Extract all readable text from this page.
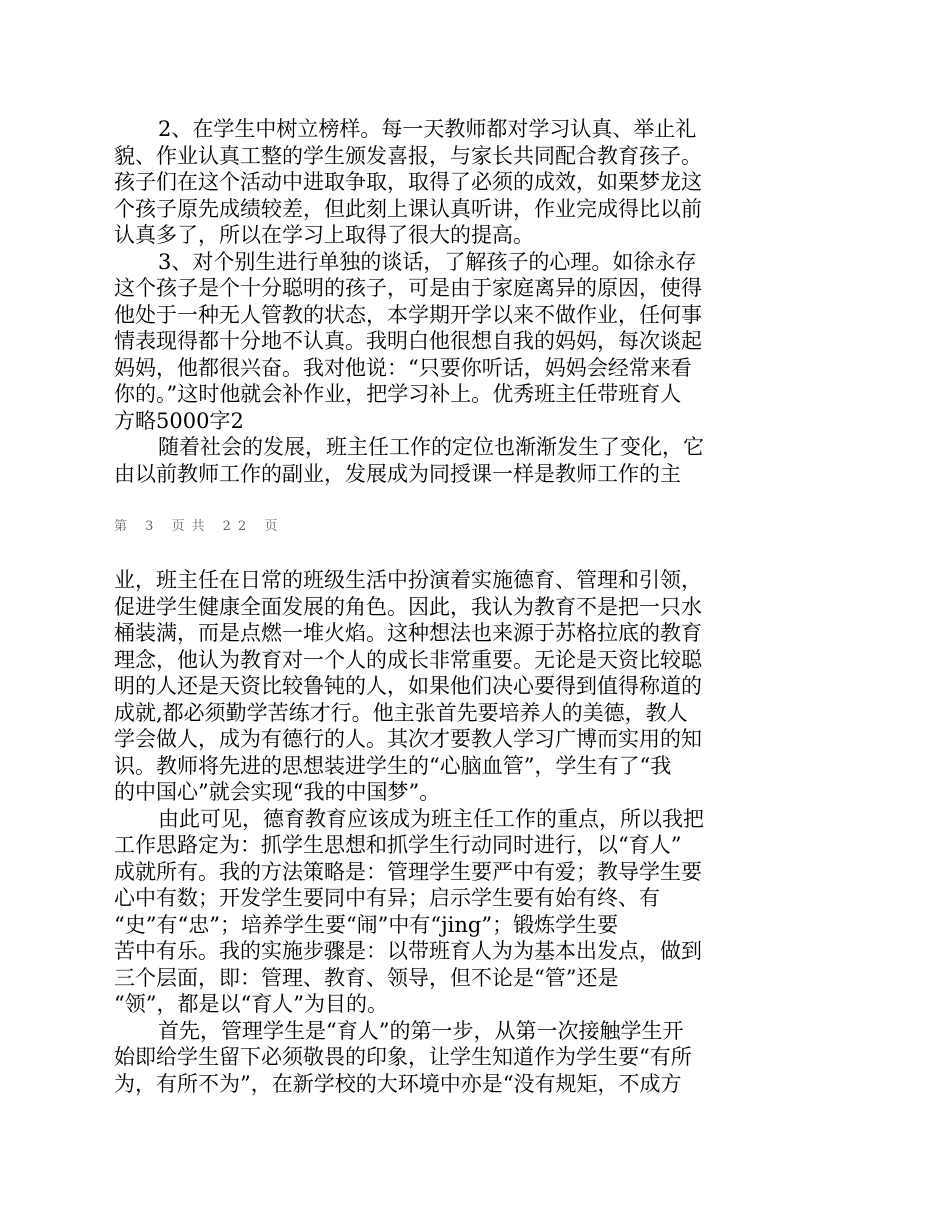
2、在学生中树立榜样。每一天教师都对学习认真、举止礼
貌、作业认真工整的学生颁发喜报，与家长共同配合教育孩子。
孩子们在这个活动中进取争取，取得了必须的成效，如栗梦龙这
个孩子原先成绩较差，但此刻上课认真听讲，作业完成得比以前
认真多了，所以在学习上取得了很大的提高。
3、对个别生进行单独的谈话，了解孩子的心理。如徐永存
这个孩子是个十分聪明的孩子，可是由于家庭离异的原因，使得
他处于一种无人管教的状态，本学期开学以来不做作业，任何事
情表现得都十分地不认真。我明白他很想自我的妈妈，每次谈起
妈妈，他都很兴奋。我对他说：“只要你听话，妈妈会经常来看
你的。”这时他就会补作业，把学习补上。优秀班主任带班育人
方略5000字2
随着社会的发展，班主任工作的定位也渐渐发生了变化，它
由以前教师工作的副业，发展成为同授课一样是教师工作的主
第 3 页共 22 页
业，班主任在日常的班级生活中扮演着实施德育、管理和引领，
促进学生健康全面发展的角色。因此，我认为教育不是把一只水
桶装满，而是点燃一堆火焰。这种想法也来源于苏格拉底的教育
理念，他认为教育对一个人的成长非常重要。无论是天资比较聪
明的人还是天资比较鲁钝的人，如果他们决心要得到值得称道的
成就,都必须勤学苦练才行。他主张首先要培养人的美德，教人
学会做人，成为有德行的人。其次才要教人学习广博而实用的知
识。教师将先进的思想装进学生的“心脑血管”，学生有了“我
的中国心”就会实现“我的中国梦”。
由此可见，德育教育应该成为班主任工作的重点，所以我把
工作思路定为：抓学生思想和抓学生行动同时进行，以“育人”
成就所有。我的方法策略是：管理学生要严中有爱；教导学生要
心中有数；开发学生要同中有异；启示学生要有始有终、有
“史”有“忠”；培养学生要“闹”中有“jing”；锻炼学生要
苦中有乐。我的实施步骤是：以带班育人为为基本出发点，做到
三个层面，即：管理、教育、领导，但不论是“管”还是
“领”，都是以“育人”为目的。
首先，管理学生是“育人”的第一步，从第一次接触学生开
始即给学生留下必须敬畏的印象，让学生知道作为学生要“有所
为，有所不为”，在新学校的大环境中亦是“没有规矩，不成方
